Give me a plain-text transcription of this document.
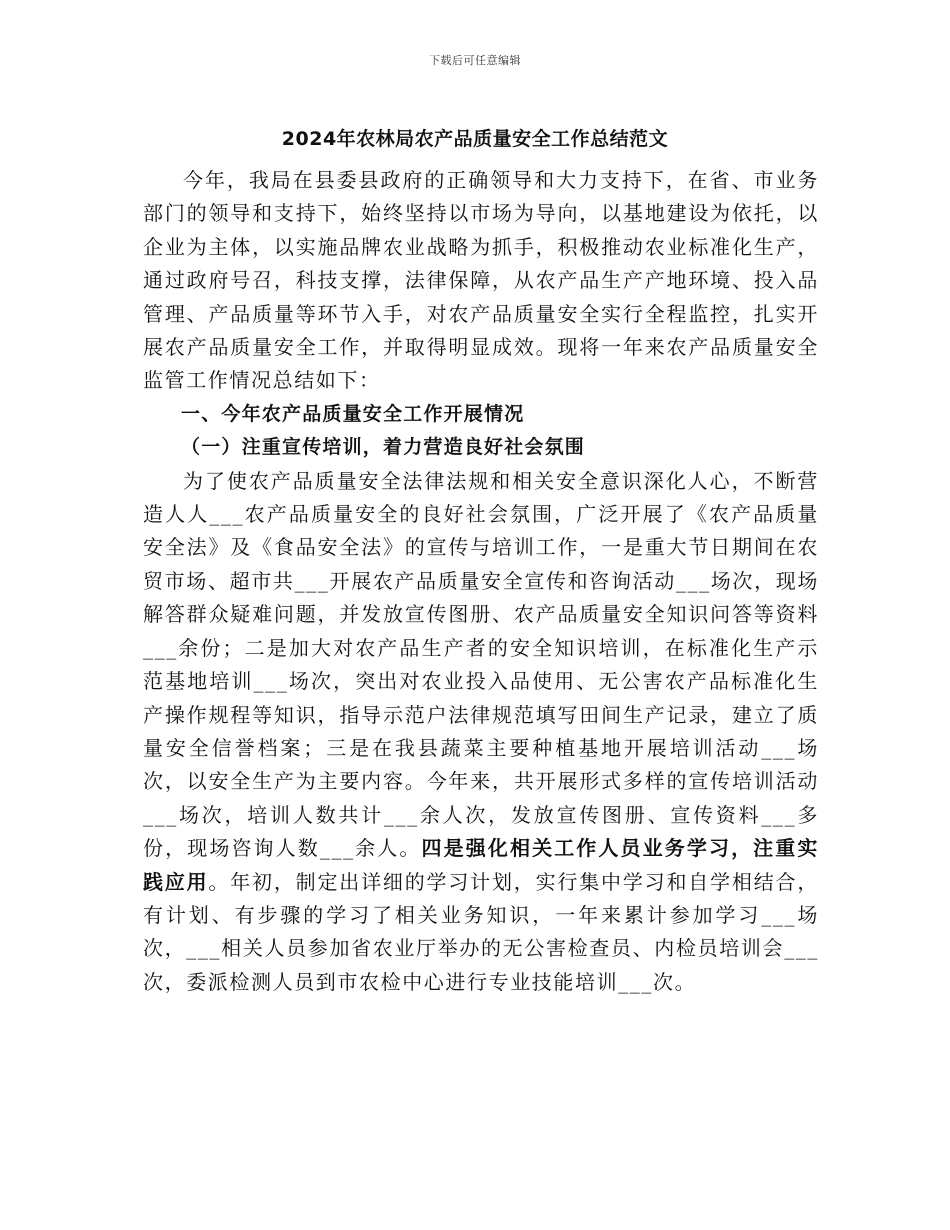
下载后可任意编辑
2024年农林局农产品质量安全工作总结范文

今年，我局在县委县政府的正确领导和大力支持下，在省、市业务部门的领导和支持下，始终坚持以市场为导向，以基地建设为依托，以企业为主体，以实施品牌农业战略为抓手，积极推动农业标准化生产，通过政府号召，科技支撑，法律保障，从农产品生产产地环境、投入品管理、产品质量等环节入手，对农产品质量安全实行全程监控，扎实开展农产品质量安全工作，并取得明显成效。现将一年来农产品质量安全监管工作情况总结如下：

一、今年农产品质量安全工作开展情况

（一）注重宣传培训，着力营造良好社会氛围

为了使农产品质量安全法律法规和相关安全意识深化人心，不断营造人人___农产品质量安全的良好社会氛围，广泛开展了《农产品质量安全法》及《食品安全法》的宣传与培训工作，一是重大节日期间在农贸市场、超市共___开展农产品质量安全宣传和咨询活动___场次，现场解答群众疑难问题，并发放宣传图册、农产品质量安全知识问答等资料___余份；二是加大对农产品生产者的安全知识培训，在标准化生产示范基地培训___场次，突出对农业投入品使用、无公害农产品标准化生产操作规程等知识，指导示范户法律规范填写田间生产记录，建立了质量安全信誉档案；三是在我县蔬菜主要种植基地开展培训活动___场次，以安全生产为主要内容。今年来，共开展形式多样的宣传培训活动___场次，培训人数共计___余人次，发放宣传图册、宣传资料___多份，现场咨询人数___余人。四是强化相关工作人员业务学习，注重实践应用。年初，制定出详细的学习计划，实行集中学习和自学相结合，有计划、有步骤的学习了相关业务知识，一年来累计参加学习___场次，___相关人员参加省农业厅举办的无公害检查员、内检员培训会___次，委派检测人员到市农检中心进行专业技能培训___次。
